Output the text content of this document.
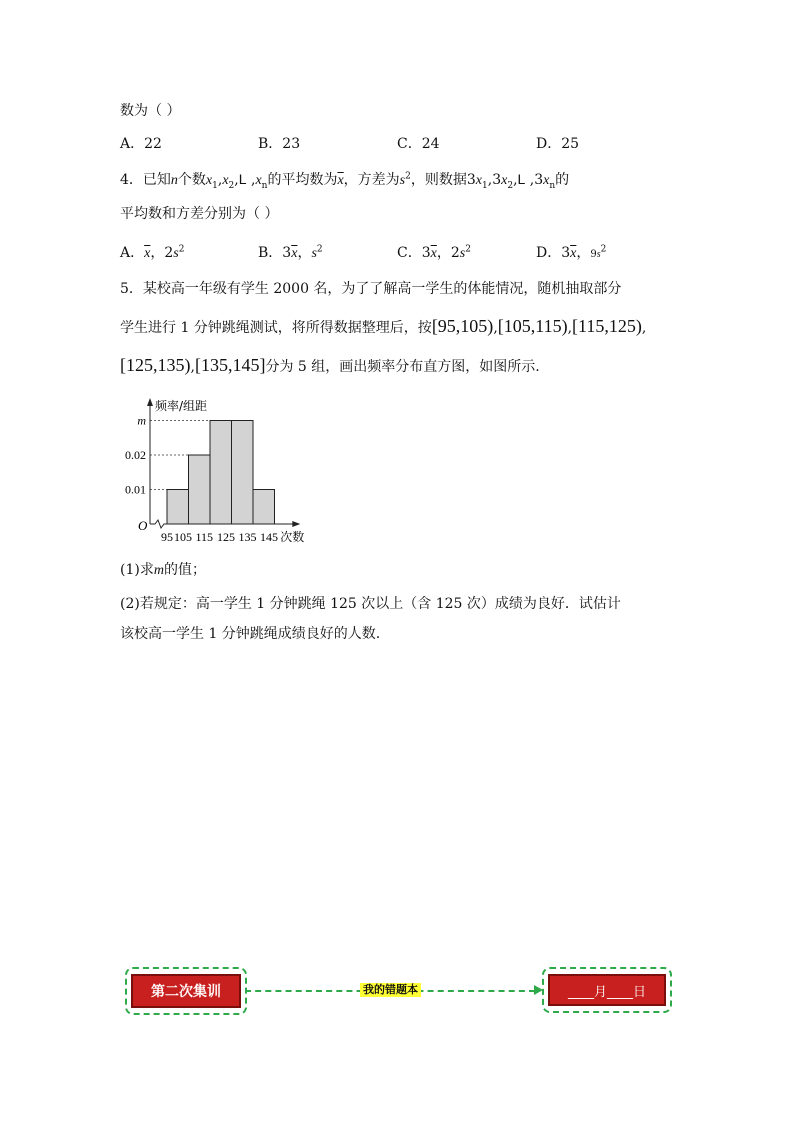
数为（ ）
A．22	B．23	C．24	D．25
4．已知n个数$x_1,x_2,L$ $,x_n$的平均数为$\overline{x}$，方差为$s^2$，则数据$3x_1,3x_2,L$ $,3x_n$的
平均数和方差分别为（ ）
A．$\overline{x}$，$2s^2$	B．$3\overline{x}$，$s^2$	C．$3\overline{x}$，$2s^2$	D．$3\overline{x}$，$9s^2$
5．某校高一年级有学生 2000 名，为了了解高一学生的体能情况，随机抽取部分
学生进行 1 分钟跳绳测试，将所得数据整理后，按[95,105),[105,115),[115,125),
[125,135),[135,145]分为 5 组，画出频率分布直方图，如图所示.
0.01
0.02
m
O
频率/组距
95 105 115 125 135 145 次数
(1)求m的值；
(2)若规定：高一学生 1 分钟跳绳 125 次以上（含 125 次）成绩为良好．试估计
该校高一学生 1 分钟跳绳成绩良好的人数.
第二次集训	我的错题本	____月____日
